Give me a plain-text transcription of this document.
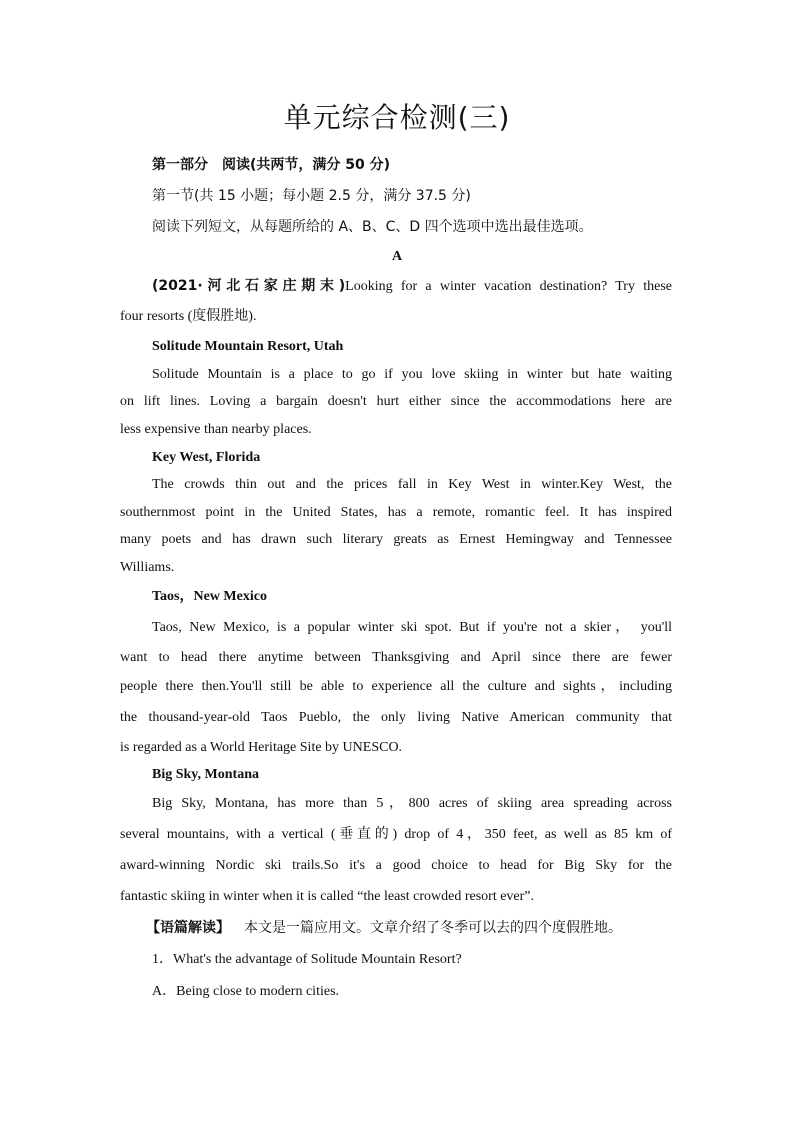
单元综合检测(三)
第一部分　阅读(共两节，满分 50 分)
第一节(共 15 小题；每小题 2.5 分，满分 37.5 分)
阅读下列短文，从每题所给的 A、B、C、D 四个选项中选出最佳选项。
A
(2021·河北石家庄期末)Looking for a winter vacation destination? Try these
four resorts (度假胜地).
Solitude Mountain Resort, Utah
Solitude Mountain is a place to go if you love skiing in winter but hate waiting
on lift lines. Loving a bargain doesn't hurt either since the accommodations here are
less expensive than nearby places.
Key West, Florida
The crowds thin out and the prices fall in Key West in winter.Key West, the
southernmost point in the United States, has a remote, romantic feel. It has inspired
many poets and has drawn such literary greats as Ernest Hemingway and Tennessee
Williams.
Taos，New Mexico
Taos, New Mexico, is a popular winter ski spot. But if you're not a skier， you'll
want to head there anytime between Thanksgiving and April since there are fewer
people there then.You'll still be able to experience all the culture and sights，including
the thousand-year-old Taos Pueblo, the only living Native American community that
is regarded as a World Heritage Site by UNESCO.
Big Sky, Montana
Big Sky, Montana, has more than 5，800 acres of skiing area spreading across
several mountains, with a vertical (垂直的) drop of 4，350 feet, as well as 85 km of
award-winning Nordic ski trails.So it's a good choice to head for Big Sky for the
fantastic skiing in winter when it is called “the least crowded resort ever”.
【语篇解读】 本文是一篇应用文。文章介绍了冬季可以去的四个度假胜地。
1．What's the advantage of Solitude Mountain Resort?
A．Being close to modern cities.
